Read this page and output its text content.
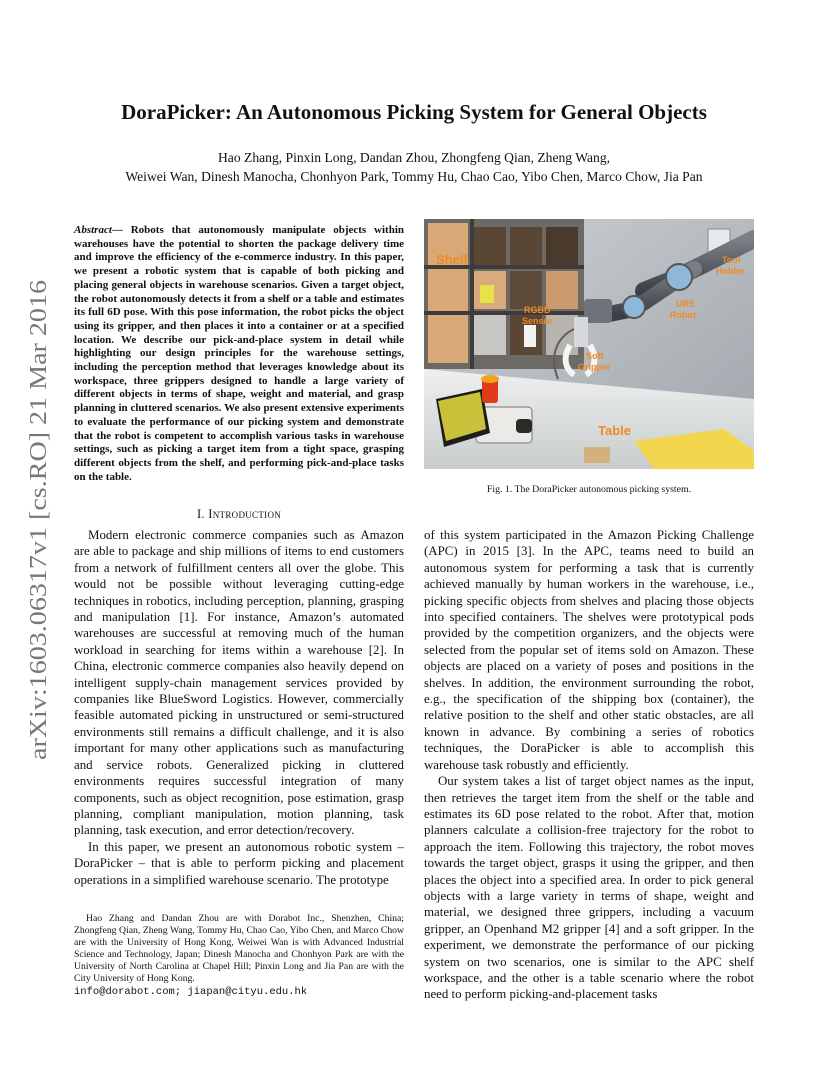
arXiv:1603.06317v1 [cs.RO] 21 Mar 2016
DoraPicker: An Autonomous Picking System for General Objects
Hao Zhang, Pinxin Long, Dandan Zhou, Zhongfeng Qian, Zheng Wang,
Weiwei Wan, Dinesh Manocha, Chonhyon Park, Tommy Hu, Chao Cao, Yibo Chen, Marco Chow, Jia Pan
Abstract— Robots that autonomously manipulate objects within warehouses have the potential to shorten the package delivery time and improve the efficiency of the e-commerce industry. In this paper, we present a robotic system that is capable of both picking and placing general objects in warehouse scenarios. Given a target object, the robot autonomously detects it from a shelf or a table and estimates its full 6D pose. With this pose information, the robot picks the object using its gripper, and then places it into a container or at a specified location. We describe our pick-and-place system in detail while highlighting our design principles for the warehouse settings, including the perception method that leverages knowledge about its workspace, three grippers designed to handle a large variety of different objects in terms of shape, weight and material, and grasp planning in cluttered scenarios. We also present extensive experiments to evaluate the performance of our picking system and demonstrate that the robot is competent to accomplish various tasks in warehouse settings, such as picking a target item from a tight space, grasping different objects from the shelf, and performing pick-and-place tasks on the table.
I. Introduction

Modern electronic commerce companies such as Amazon are able to package and ship millions of items to end customers from a network of fulfillment centers all over the globe. This would not be possible without leveraging cutting-edge techniques in robotics, including perception, planning, grasping and manipulation [1]. For instance, Amazon’s automated warehouses are successful at removing much of the human workload in searching for items within a warehouse [2]. In China, electronic commerce companies also heavily depend on intelligent supply-chain management services provided by companies like BlueSword Logistics. However, commercially feasible automated picking in unstructured or semi-structured environments still remains a difficult challenge, and it is also important for many other applications such as manufacturing and service robots. Generalized picking in cluttered environments requires successful integration of many components, such as object recognition, pose estimation, grasp planning, compliant manipulation, motion planning, task planning, task execution, and error detection/recovery.

In this paper, we present an autonomous robotic system – DoraPicker – that is able to perform picking and placement operations in a simplified warehouse scenario. The prototype

Hao Zhang and Dandan Zhou are with Dorabot Inc., Shenzhen, China; Zhongfeng Qian, Zheng Wang, Tommy Hu, Chao Cao, Yibo Chen, and Marco Chow are with the University of Hong Kong, Weiwei Wan is with Advanced Industrial Science and Technology, Japan; Dinesh Manocha and Chonhyon Park are with the University of North Carolina at Chapel Hill; Pinxin Long and Jia Pan are with the City University of Hong Kong.
info@dorabot.com; jiapan@cityu.edu.hk
Shelf	Tool
Holder
UR5
Robot
RGBD
Sensor
Soft
Gripper
Table
Fig. 1. The DoraPicker autonomous picking system.

of this system participated in the Amazon Picking Challenge (APC) in 2015 [3]. In the APC, teams need to build an autonomous system for performing a task that is currently achieved manually by human workers in the warehouse, i.e., picking specific objects from shelves and placing those objects into specified containers. The shelves were prototypical pods provided by the competition organizers, and the objects were selected from the popular set of items sold on Amazon. These objects are placed on a variety of poses and positions in the shelves. In addition, the environment surrounding the robot, e.g., the specification of the shipping box (container), the relative position to the shelf and other static obstacles, are all known in advance. By combining a series of robotics techniques, the DoraPicker is able to accomplish this warehouse task robustly and efficiently.

Our system takes a list of target object names as the input, then retrieves the target item from the shelf or the table and estimates its 6D pose related to the robot. After that, motion planners calculate a collision-free trajectory for the robot to approach the item. Following this trajectory, the robot moves towards the target object, grasps it using the gripper, and then places the object into a specified area. In order to pick general objects with a large variety in terms of shape, weight and material, we designed three grippers, including a vacuum gripper, an Openhand M2 gripper [4] and a soft gripper. In the experiment, we demonstrate the performance of our picking system on two scenarios, one is similar to the APC shelf workspace, and the other is a table scenario where the robot need to perform picking-and-placement tasks
